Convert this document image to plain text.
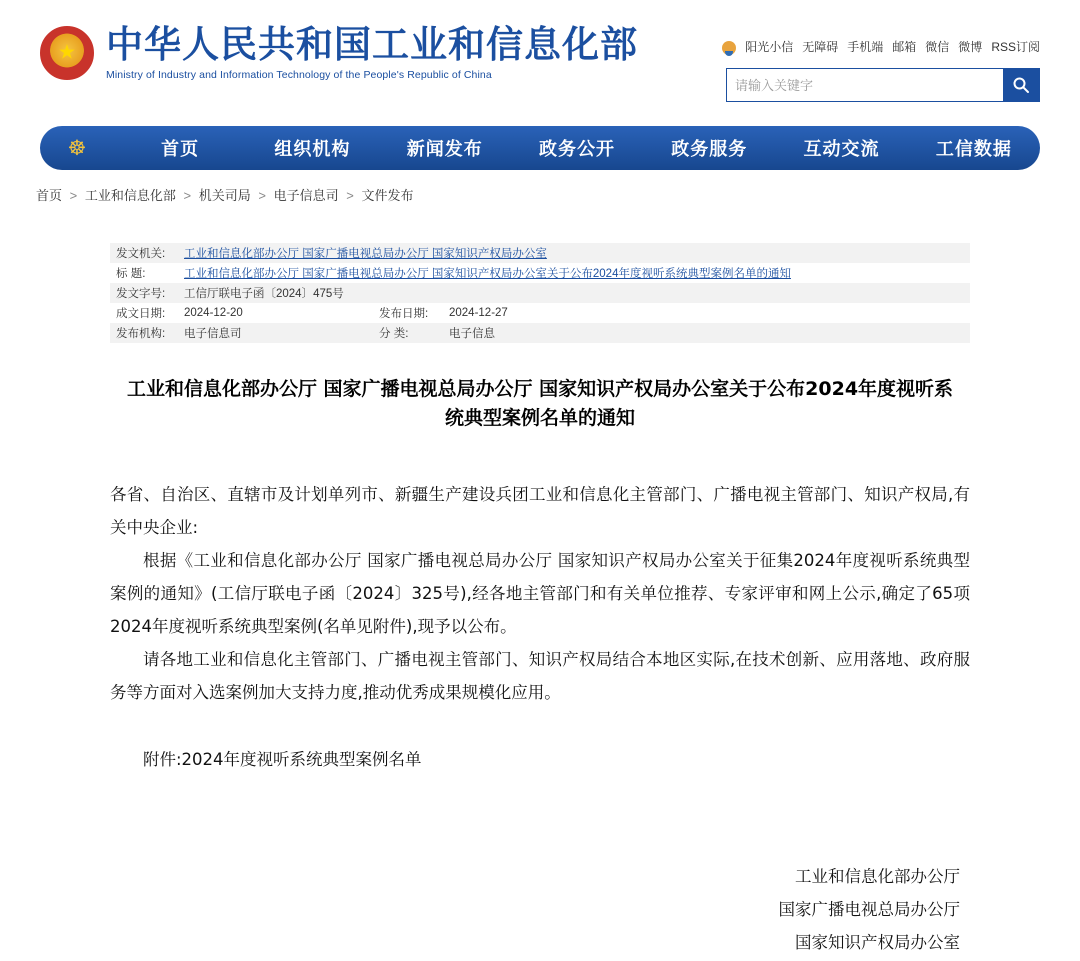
★
中华人民共和国工业和信息化部
Ministry of Industry and Information Technology of the People's Republic of China
阳光小信 无障碍 手机端 邮箱 微信 微博 RSS订阅
请输入关键字
☸	首页	组织机构	新闻发布	政务公开	政务服务	互动交流	工信数据
首页 > 工业和信息化部 > 机关司局 > 电子信息司 > 文件发布
发文机关:	工业和信息化部办公厅 国家广播电视总局办公厅 国家知识产权局办公室		
标 题:	工业和信息化部办公厅 国家广播电视总局办公厅 国家知识产权局办公室关于公布2024年度视听系统典型案例名单的通知		
发文字号:	工信厅联电子函〔2024〕475号		
成文日期:	2024-12-20	发布日期:	2024-12-27
发布机构:	电子信息司	分 类:	电子信息
工业和信息化部办公厅 国家广播电视总局办公厅 国家知识产权局办公室关于公布2024年度视听系统典型案例名单的通知

各省、自治区、直辖市及计划单列市、新疆生产建设兵团工业和信息化主管部门、广播电视主管部门、知识产权局,有关中央企业:

根据《工业和信息化部办公厅 国家广播电视总局办公厅 国家知识产权局办公室关于征集2024年度视听系统典型案例的通知》(工信厅联电子函〔2024〕325号),经各地主管部门和有关单位推荐、专家评审和网上公示,确定了65项2024年度视听系统典型案例(名单见附件),现予以公布。

请各地工业和信息化主管部门、广播电视主管部门、知识产权局结合本地区实际,在技术创新、应用落地、政府服务等方面对入选案例加大支持力度,推动优秀成果规模化应用。

附件:2024年度视听系统典型案例名单

工业和信息化部办公厅
国家广播电视总局办公厅
国家知识产权局办公室
